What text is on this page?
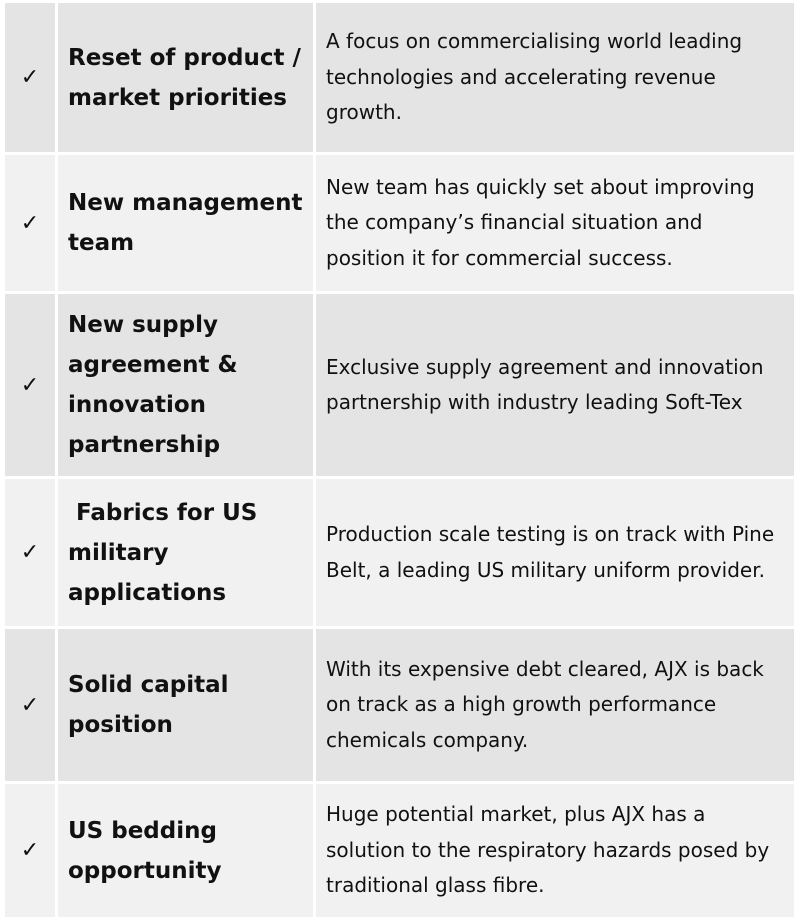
✓	Reset of product / market priorities	A focus on commercialising world leading technologies and accelerating revenue growth.
✓	New management team	New team has quickly set about improving the company’s financial situation and position it for commercial success.
✓	New supply agreement & innovation partnership	Exclusive supply agreement and innovation partnership with industry leading Soft-Tex
✓	Fabrics for US military applications	Production scale testing is on track with Pine Belt, a leading US military uniform provider.
✓	Solid capital position	With its expensive debt cleared, AJX is back on track as a high growth performance chemicals company.
✓	US bedding opportunity	Huge potential market, plus AJX has a solution to the respiratory hazards posed by traditional glass fibre.
